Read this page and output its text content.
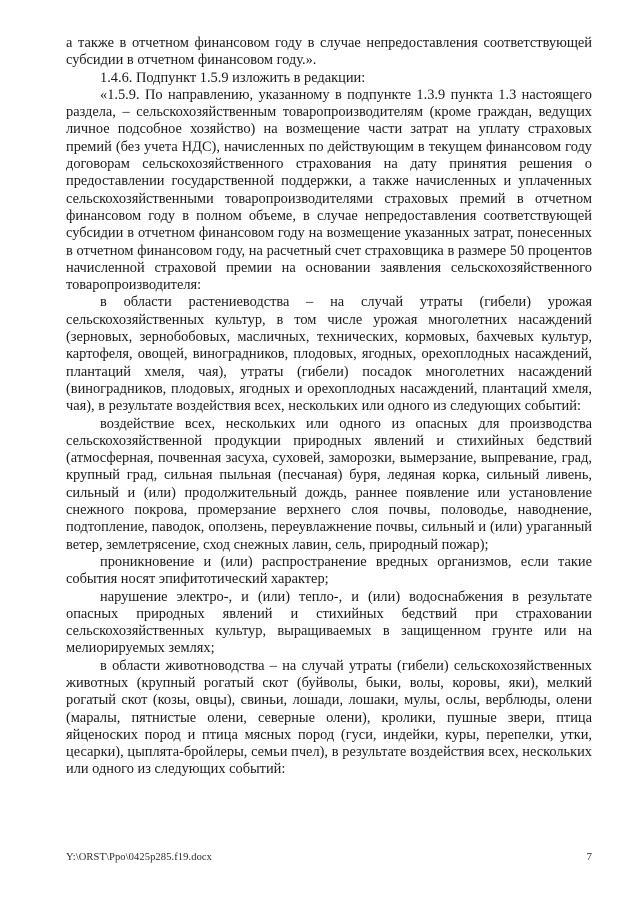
а также в отчетном финансовом году в случае непредоставления соответствующей субсидии в отчетном финансовом году.».

1.4.6. Подпункт 1.5.9 изложить в редакции:

«1.5.9. По направлению, указанному в подпункте 1.3.9 пункта 1.3 настоящего раздела, – сельскохозяйственным товаропроизводителям (кроме граждан, ведущих личное подсобное хозяйство) на возмещение части затрат на уплату страховых премий (без учета НДС), начисленных по действующим в текущем финансовом году договорам сельскохозяйственного страхования на дату принятия решения о предоставлении государственной поддержки, а также начисленных и уплаченных сельскохозяйственными товаропроизводителями страховых премий в отчетном финансовом году в полном объеме, в случае непредоставления соответствующей субсидии в отчетном финансовом году на возмещение указанных затрат, понесенных в отчетном финансовом году, на расчетный счет страховщика в размере 50 процентов начисленной страховой премии на основании заявления сельскохозяйственного товаропроизводителя:

в области растениеводства – на случай утраты (гибели) урожая сельскохозяйственных культур, в том числе урожая многолетних насаждений (зерновых, зернобобовых, масличных, технических, кормовых, бахчевых культур, картофеля, овощей, виноградников, плодовых, ягодных, орехоплодных насаждений, плантаций хмеля, чая), утраты (гибели) посадок многолетних насаждений (виноградников, плодовых, ягодных и орехоплодных насаждений, плантаций хмеля, чая), в результате воздействия всех, нескольких или одного из следующих событий:

воздействие всех, нескольких или одного из опасных для производства сельскохозяйственной продукции природных явлений и стихийных бедствий (атмосферная, почвенная засуха, суховей, заморозки, вымерзание, выпревание, град, крупный град, сильная пыльная (песчаная) буря, ледяная корка, сильный ливень, сильный и (или) продолжительный дождь, раннее появление или установление снежного покрова, промерзание верхнего слоя почвы, половодье, наводнение, подтопление, паводок, оползень, переувлажнение почвы, сильный и (или) ураганный ветер, землетрясение, сход снежных лавин, сель, природный пожар);

проникновение и (или) распространение вредных организмов, если такие события носят эпифитотический характер;

нарушение электро-, и (или) тепло-, и (или) водоснабжения в результате опасных природных явлений и стихийных бедствий при страховании сельскохозяйственных культур, выращиваемых в защищенном грунте или на мелиорируемых землях;

в области животноводства – на случай утраты (гибели) сельскохозяйственных животных (крупный рогатый скот (буйволы, быки, волы, коровы, яки), мелкий рогатый скот (козы, овцы), свиньи, лошади, лошаки, мулы, ослы, верблюды, олени (маралы, пятнистые олени, северные олени), кролики, пушные звери, птица яйценоских пород и птица мясных пород (гуси, индейки, куры, перепелки, утки, цесарки), цыплята-бройлеры, семьи пчел), в результате воздействия всех, нескольких или одного из следующих событий:

Y:\ORST\Ppo\0425p285.f19.docx	7
